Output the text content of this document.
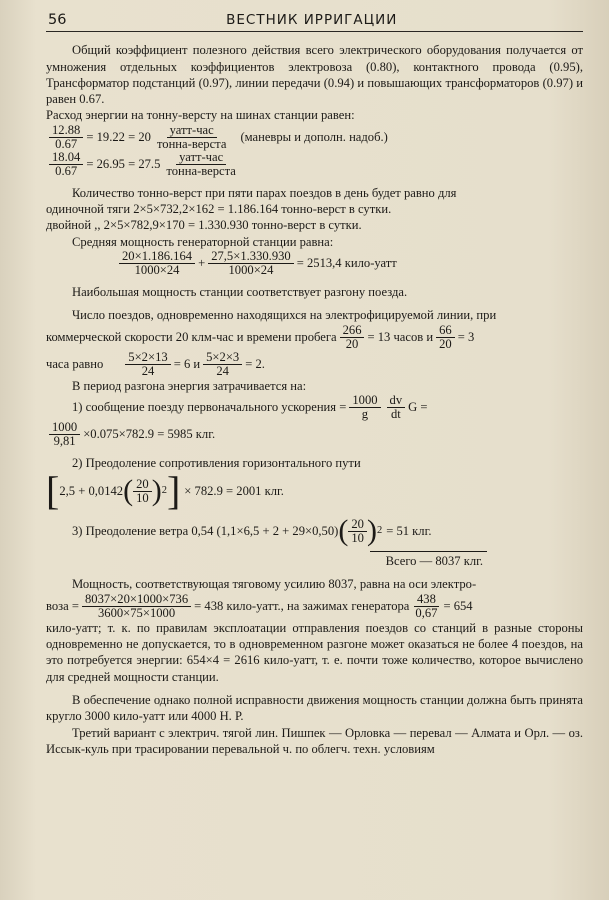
56	ВЕСТНИК ИРРИГАЦИИ

Общий коэффициент полезного действия всего электрического оборудования получается от умножения отдельных коэффициентов электровоза (0.80), контактного провода (0.95), Трансформатор подстанций (0.97), линии передачи (0.94) и повышающих трансформаторов (0.97) и равен 0.67.

Расход энергии на тонну-версту на шинах станции равен:

$\frac{12.88}{0.67} = 19.22 = 20 \frac{\text{уатт-час}}{\text{тонна-верста}}$ (маневры и дополн. надоб.)
$\frac{18.04}{0.67} = 26.95 = 27.5 \frac{\text{уатт-час}}{\text{тонна-верста}}$

Количество тонно-верст при пяти парах поездов в день будет равно для

одиночной тяги 2×5×732,2×162 = 1.186.164 тонно-верст в сутки.

двойной ,, 2×5×782,9×170 = 1.330.930 тонно-верст в сутки.

Средняя мощность генераторной станции равна:

$\frac{20\times 1.186.164}{1000\times 24} + \frac{27,5\times 1.330.930}{1000\times 24} = 2513,4$ кило-уатт

Наибольшая мощность станции соответствует разгону поезда.

Число поездов, одновременно находящихся на электрофицируемой линии, при

коммерческой скорости 20 клм-час и времени пробега $\frac{266}{20} = 13$ часов и $\frac{66}{20} = 3$
часа равно $\frac{5\times 2\times 13}{24} = 6$ и $\frac{5\times 2\times 3}{24} = 2$.

В период разгона энергия затрачивается на:

1) сообщение поезду первоначального ускорения = $\frac{1000}{g} \frac{dv}{dt}$ G =
$\frac{1000}{9,81} \times 0.075\times 782.9 = 5985$ клг.

2) Преодоление сопротивления горизонтального пути

[ 2,5 + 0,0142 ( $\frac{20}{10}$ ) 2 ] × 782.9 = 2001 клг.
3) Преодоление ветра 0,54 (1,1×6,5 + 2 + 29×0,50) ( $\frac{20}{10}$ ) 2 = 51 клг.
Всего — 8037 клг.

Мощность, соответствующая тяговому усилию 8037, равна на оси электро-

воза = $\frac{8037\times 20\times 1000\times 736}{3600\times 75\times 1000} = 438$ кило-уатт., на зажимах генератора $\frac{438}{0,67} = 654$

кило-уатт; т. к. по правилам эксплоатации отправления поездов со станций в разные стороны одновременно не допускается, то в одновременном разгоне может оказаться не более 4 поездов, на это потребуется энергии: 654×4 = 2616 кило-уатт, т. е. почти тоже количество, которое вычислено для средней мощности станции.

В обеспечение однако полной исправности движения мощность станции должна быть принята кругло 3000 кило-уатт или 4000 Н. Р.

Третий вариант с электрич. тягой лин. Пишпек — Орловка — перевал — Алмата и Орл. — оз. Иссык-куль при трасировании перевальной ч. по облегч. техн. условиям
